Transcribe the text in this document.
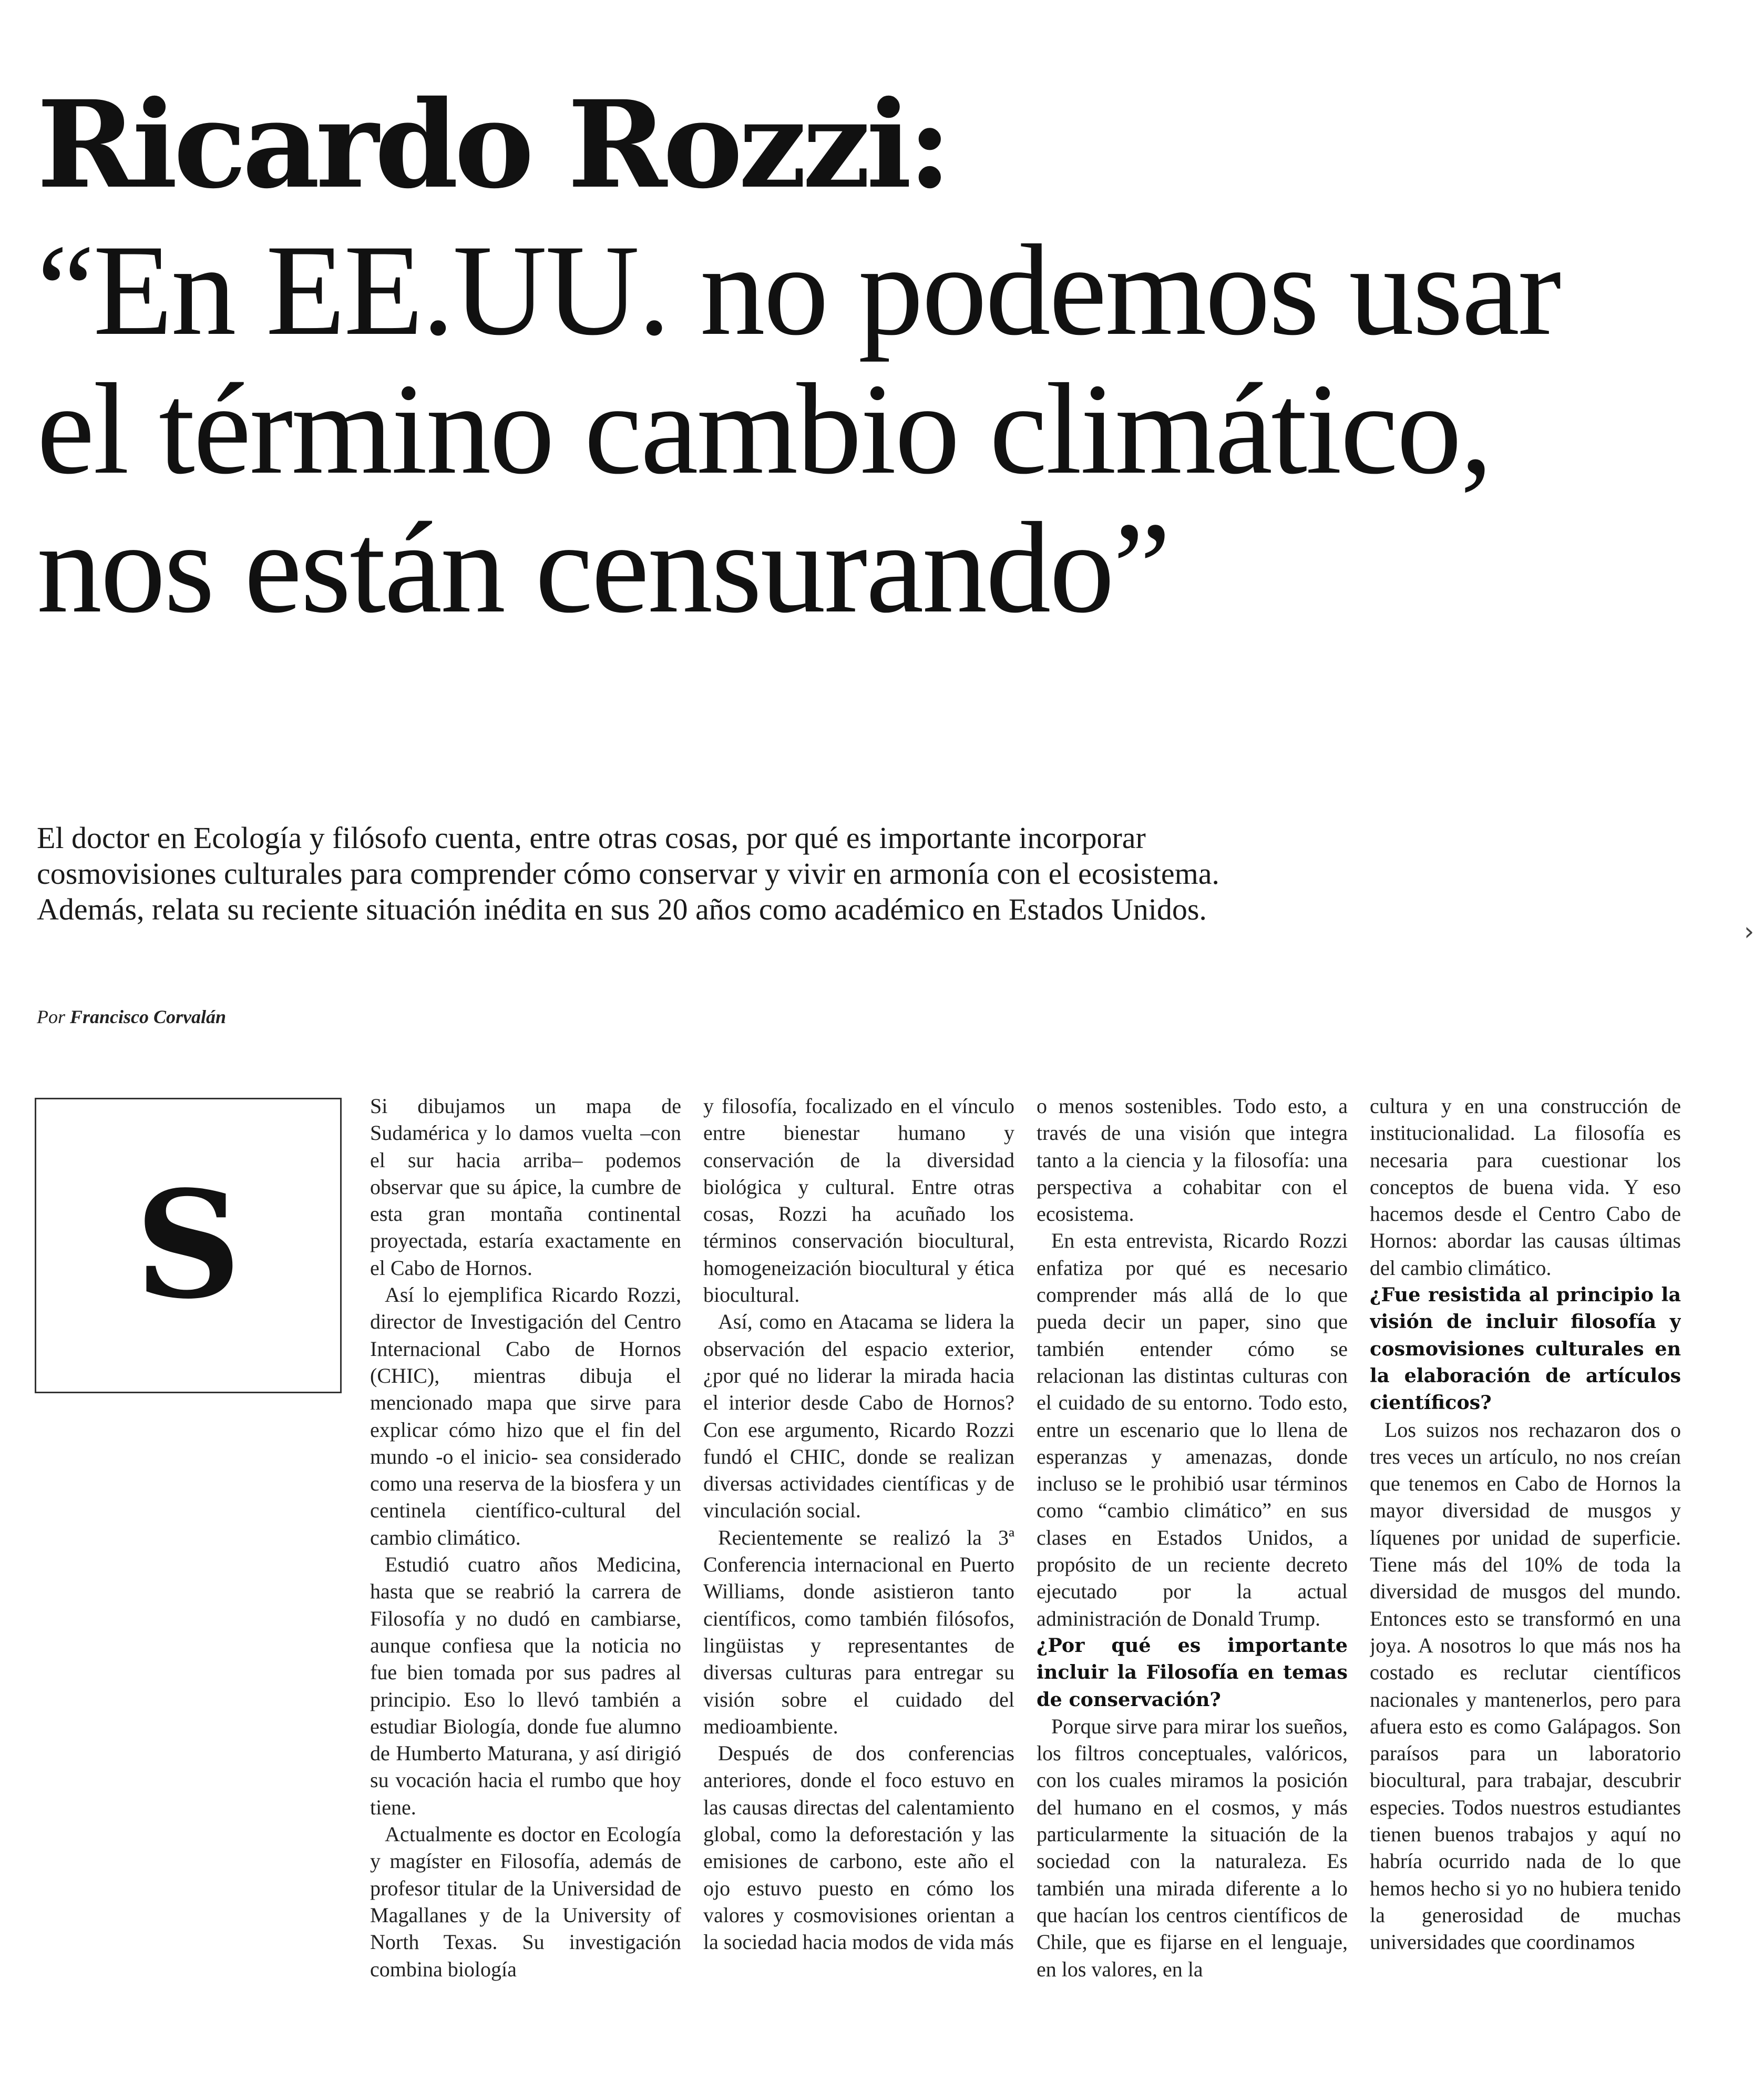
Ricardo Rozzi:
“En EE.UU. no podemos usar el término cambio climático, nos están censurando”

El doctor en Ecología y filósofo cuenta, entre otras cosas, por qué es importante incorporar cosmovisiones culturales para comprender cómo conservar y vivir en armonía con el ecosistema. Además, relata su reciente situación inédita en sus 20 años como académico en Estados Unidos.

Por Francisco Corvalán

S

Si dibujamos un mapa de Sudamérica y lo damos vuelta –con el sur hacia arriba– podemos observar que su ápice, la cumbre de esta gran montaña continental proyectada, estaría exactamente en el Cabo de Hornos.

Así lo ejemplifica Ricardo Rozzi, director de Investigación del Centro Internacional Cabo de Hornos (CHIC), mientras dibuja el mencionado mapa que sirve para explicar cómo hizo que el fin del mundo -o el inicio- sea considerado como una reserva de la biosfera y un centinela científico-cultural del cambio climático.

Estudió cuatro años Medicina, hasta que se reabrió la carrera de Filosofía y no dudó en cambiarse, aunque confiesa que la noticia no fue bien tomada por sus padres al principio. Eso lo llevó también a estudiar Biología, donde fue alumno de Humberto Maturana, y así dirigió su vocación hacia el rumbo que hoy tiene.

Actualmente es doctor en Ecología y magíster en Filosofía, además de profesor titular de la Universidad de Magallanes y de la University of North Texas. Su investigación combina biología

y filosofía, focalizado en el vínculo entre bienestar humano y conservación de la diversidad biológica y cultural. Entre otras cosas, Rozzi ha acuñado los términos conservación biocultural, homogeneización biocultural y ética biocultural.

Así, como en Atacama se lidera la observación del espacio exterior, ¿por qué no liderar la mirada hacia el interior desde Cabo de Hornos? Con ese argumento, Ricardo Rozzi fundó el CHIC, donde se realizan diversas actividades científicas y de vinculación social.

Recientemente se realizó la 3ª Conferencia internacional en Puerto Williams, donde asistieron tanto científicos, como también filósofos, lingüistas y representantes de diversas culturas para entregar su visión sobre el cuidado del medioambiente.

Después de dos conferencias anteriores, donde el foco estuvo en las causas directas del calentamiento global, como la deforestación y las emisiones de carbono, este año el ojo estuvo puesto en cómo los valores y cosmovisiones orientan a la sociedad hacia modos de vida más

o menos sostenibles. Todo esto, a través de una visión que integra tanto a la ciencia y la filosofía: una perspectiva a cohabitar con el ecosistema.

En esta entrevista, Ricardo Rozzi enfatiza por qué es necesario comprender más allá de lo que pueda decir un paper, sino que también entender cómo se relacionan las distintas culturas con el cuidado de su entorno. Todo esto, entre un escenario que lo llena de esperanzas y amenazas, donde incluso se le prohibió usar términos como “cambio climático” en sus clases en Estados Unidos, a propósito de un reciente decreto ejecutado por la actual administración de Donald Trump.

¿Por qué es importante incluir la Filosofía en temas de conservación?

Porque sirve para mirar los sueños, los filtros conceptuales, valóricos, con los cuales miramos la posición del humano en el cosmos, y más particularmente la situación de la sociedad con la naturaleza. Es también una mirada diferente a lo que hacían los centros científicos de Chile, que es fijarse en el lenguaje, en los valores, en la

cultura y en una construcción de institucionalidad. La filosofía es necesaria para cuestionar los conceptos de buena vida. Y eso hacemos desde el Centro Cabo de Hornos: abordar las causas últimas del cambio climático.

¿Fue resistida al principio la visión de incluir filosofía y cosmovisiones culturales en la elaboración de artículos científicos?

Los suizos nos rechazaron dos o tres veces un artículo, no nos creían que tenemos en Cabo de Hornos la mayor diversidad de musgos y líquenes por unidad de superficie. Tiene más del 10% de toda la diversidad de musgos del mundo. Entonces esto se transformó en una joya. A nosotros lo que más nos ha costado es reclutar científicos nacionales y mantenerlos, pero para afuera esto es como Galápagos. Son paraísos para un laboratorio biocultural, para trabajar, descubrir especies. Todos nuestros estudiantes tienen buenos trabajos y aquí no habría ocurrido nada de lo que hemos hecho si yo no hubiera tenido la generosidad de muchas universidades que coordinamos

›
